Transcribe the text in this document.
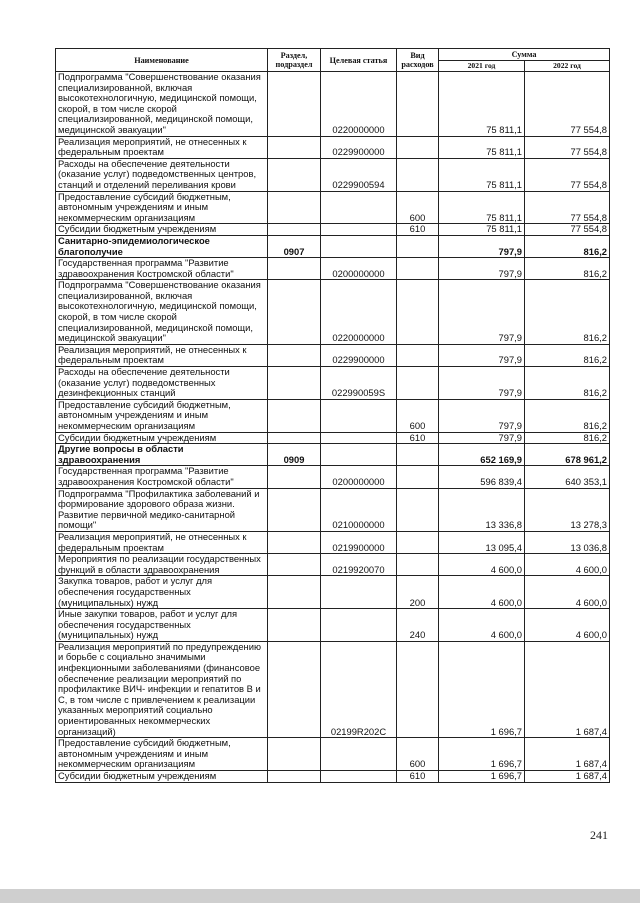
Наименование	Раздел, подраздел	Целевая статья	Вид расходов	Сумма	
				2021 год	2022 год
Подпрограмма "Совершенствование оказания специализированной, включая высокотехнологичную, медицинской помощи, скорой, в том числе скорой специализированной, медицинской помощи, медицинской эвакуации"		0220000000		75 811,1	77 554,8
Реализация мероприятий, не отнесенных к федеральным проектам		0229900000		75 811,1	77 554,8
Расходы на обеспечение деятельности (оказание услуг) подведомственных центров, станций и отделений переливания крови		0229900594		75 811,1	77 554,8
Предоставление субсидий бюджетным, автономным учреждениям и иным некоммерческим организациям			600	75 811,1	77 554,8
Субсидии бюджетным учреждениям			610	75 811,1	77 554,8
Санитарно-эпидемиологическое благополучие	0907			797,9	816,2
Государственная программа "Развитие здравоохранения Костромской области"		0200000000		797,9	816,2
Подпрограмма "Совершенствование оказания специализированной, включая высокотехнологичную, медицинской помощи, скорой, в том числе скорой специализированной, медицинской помощи, медицинской эвакуации"		0220000000		797,9	816,2
Реализация мероприятий, не отнесенных к федеральным проектам		0229900000		797,9	816,2
Расходы на обеспечение деятельности (оказание услуг) подведомственных дезинфекционных станций		022990059S		797,9	816,2
Предоставление субсидий бюджетным, автономным учреждениям и иным некоммерческим организациям			600	797,9	816,2
Субсидии бюджетным учреждениям			610	797,9	816,2
Другие вопросы в области здравоохранения	0909			652 169,9	678 961,2
Государственная программа "Развитие здравоохранения Костромской области"		0200000000		596 839,4	640 353,1
Подпрограмма "Профилактика заболеваний и формирование здорового образа жизни. Развитие первичной медико-санитарной помощи"		0210000000		13 336,8	13 278,3
Реализация мероприятий, не отнесенных к федеральным проектам		0219900000		13 095,4	13 036,8
Мероприятия по реализации государственных функций в области здравоохранения		0219920070		4 600,0	4 600,0
Закупка товаров, работ и услуг для обеспечения государственных (муниципальных) нужд			200	4 600,0	4 600,0
Иные закупки товаров, работ и услуг для обеспечения государственных (муниципальных) нужд			240	4 600,0	4 600,0
Реализация мероприятий по предупреждению и борьбе с социально значимыми инфекционными заболеваниями (финансовое обеспечение реализации мероприятий по профилактике ВИЧ- инфекции и гепатитов В и С, в том числе с привлечением к реализации указанных мероприятий социально ориентированных некоммерческих организаций)		02199R202C		1 696,7	1 687,4
Предоставление субсидий бюджетным, автономным учреждениям и иным некоммерческим организациям			600	1 696,7	1 687,4
Субсидии бюджетным учреждениям			610	1 696,7	1 687,4
241
